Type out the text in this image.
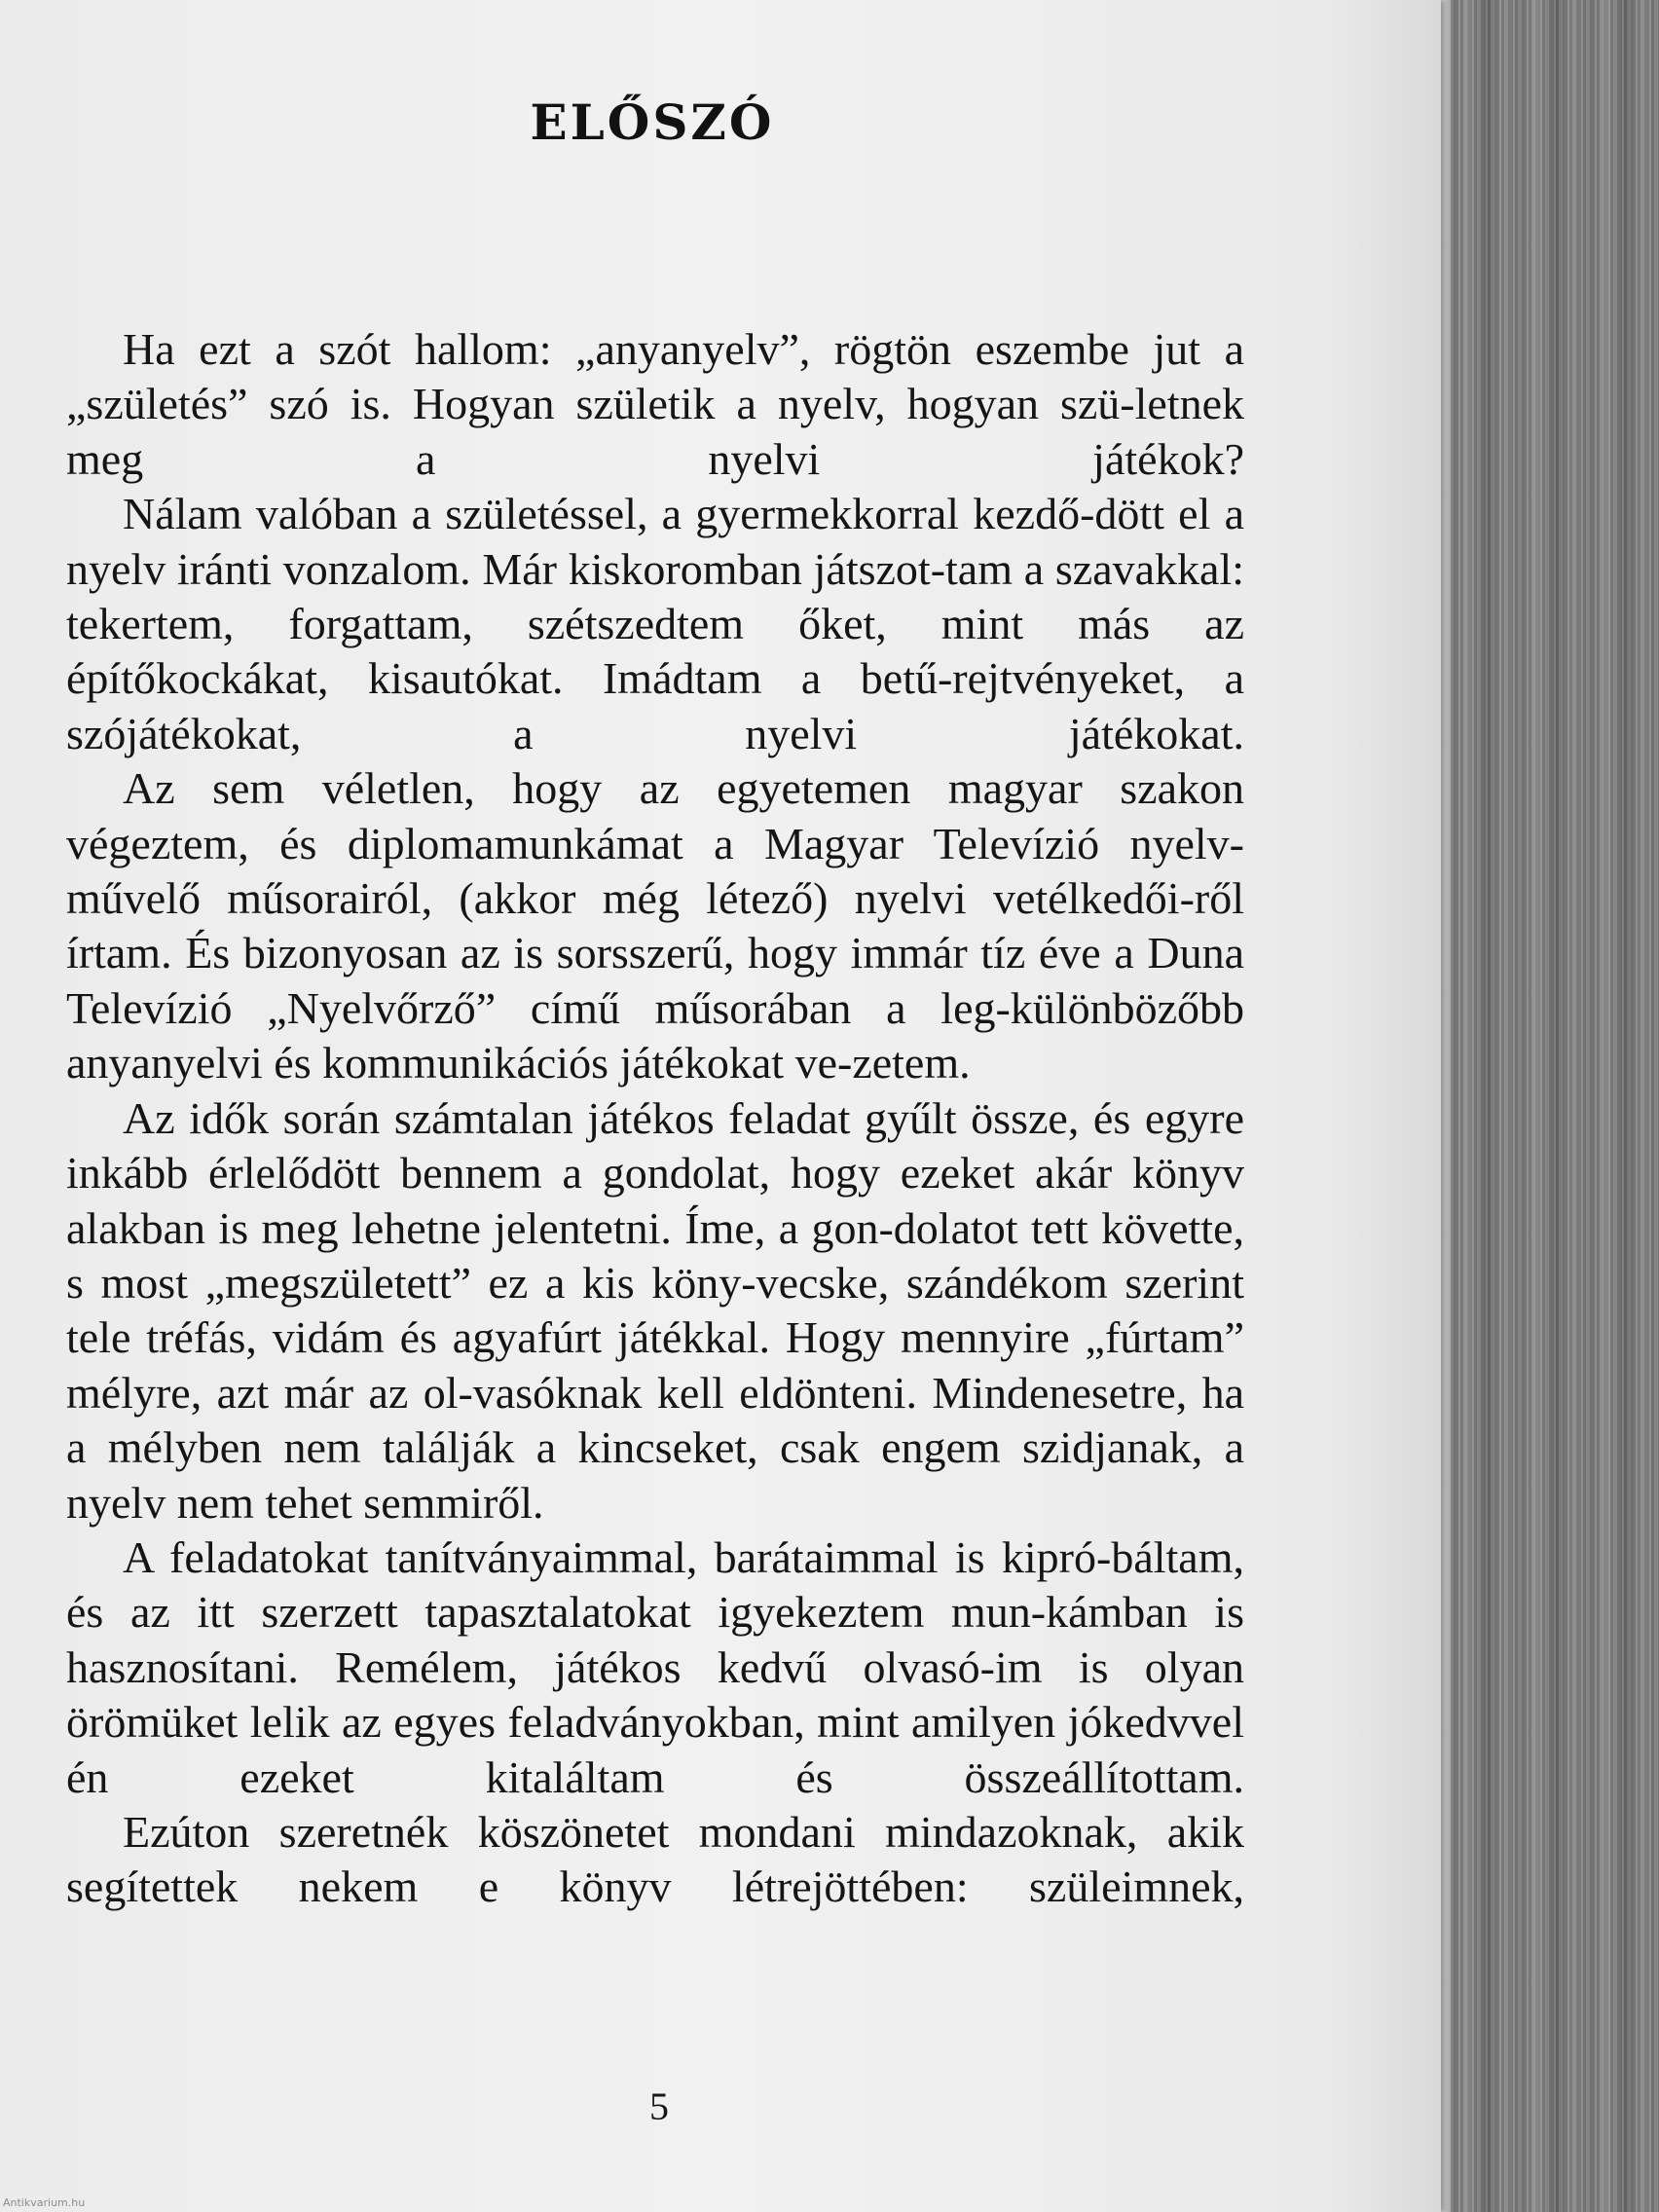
ELŐSZÓ

Ha ezt a szót hallom: „anyanyelv”, rögtön eszembe jut a „születés” szó is. Hogyan születik a nyelv, hogyan szü-letnek meg a nyelvi játékok?

Nálam valóban a születéssel, a gyermekkorral kezdő-dött el a nyelv iránti vonzalom. Már kiskoromban játszot-tam a szavakkal: tekertem, forgattam, szétszedtem őket, mint más az építőkockákat, kisautókat. Imádtam a betű-rejtvényeket, a szójátékokat, a nyelvi játékokat.

Az sem véletlen, hogy az egyetemen magyar szakon végeztem, és diplomamunkámat a Magyar Televízió nyelv-művelő műsorairól, (akkor még létező) nyelvi vetélkedői-ről írtam. És bizonyosan az is sorsszerű, hogy immár tíz éve a Duna Televízió „Nyelvőrző” című műsorában a leg-különbözőbb anyanyelvi és kommunikációs játékokat ve-zetem.

Az idők során számtalan játékos feladat gyűlt össze, és egyre inkább érlelődött bennem a gondolat, hogy ezeket akár könyv alakban is meg lehetne jelentetni. Íme, a gon-dolatot tett követte, s most „megszületett” ez a kis köny-vecske, szándékom szerint tele tréfás, vidám és agyafúrt játékkal. Hogy mennyire „fúrtam” mélyre, azt már az ol-vasóknak kell eldönteni. Mindenesetre, ha a mélyben nem találják a kincseket, csak engem szidjanak, a nyelv nem tehet semmiről.

A feladatokat tanítványaimmal, barátaimmal is kipró-báltam, és az itt szerzett tapasztalatokat igyekeztem mun-kámban is hasznosítani. Remélem, játékos kedvű olvasó-im is olyan örömüket lelik az egyes feladványokban, mint amilyen jókedvvel én ezeket kitaláltam és összeállítottam.

Ezúton szeretnék köszönetet mondani mindazoknak, akik segítettek nekem e könyv létrejöttében: szüleimnek,

5
Antikvarium.hu
